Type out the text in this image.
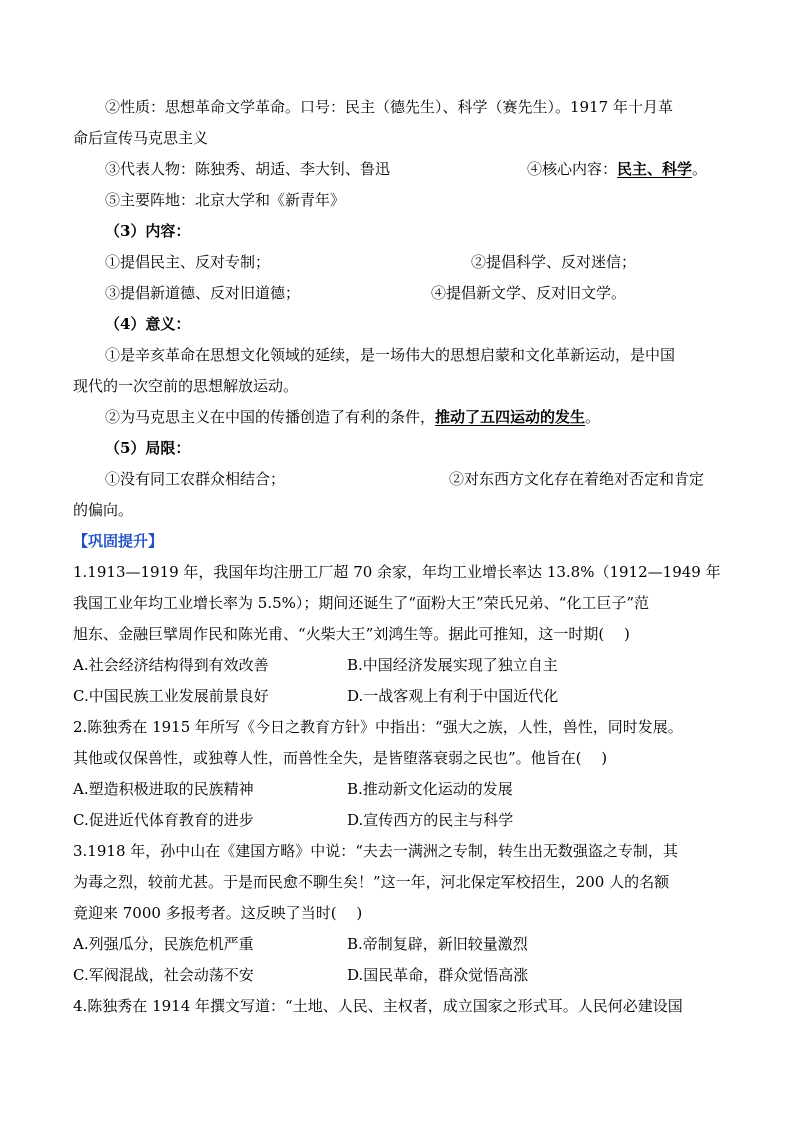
②性质：思想革命文学革命。口号：民主（德先生）、科学（赛先生）。1917 年十月革
命后宣传马克思主义
③代表人物：陈独秀、胡适、李大钊、鲁迅	④核心内容：民主、科学。
⑤主要阵地：北京大学和《新青年》
（3）内容：
①提倡民主、反对专制；	②提倡科学、反对迷信；
③提倡新道德、反对旧道德；	④提倡新文学、反对旧文学。
（4）意义：
①是辛亥革命在思想文化领域的延续，是一场伟大的思想启蒙和文化革新运动，是中国
现代的一次空前的思想解放运动。
②为马克思主义在中国的传播创造了有利的条件，推动了五四运动的发生。
（5）局限：
①没有同工农群众相结合；	②对东西方文化存在着绝对否定和肯定
的偏向。
【巩固提升】
1.1913—1919 年，我国年均注册工厂超 70 余家，年均工业增长率达 13.8%（1912—1949 年
我国工业年均工业增长率为 5.5%）；期间还诞生了“面粉大王”荣氏兄弟、“化工巨子”范
旭东、金融巨擘周作民和陈光甫、“火柴大王”刘鸿生等。据此可推知，这一时期(　 )
A.社会经济结构得到有效改善	B.中国经济发展实现了独立自主
C.中国民族工业发展前景良好	D.一战客观上有利于中国近代化
2.陈独秀在 1915 年所写《今日之教育方针》中指出：“强大之族，人性，兽性，同时发展。
其他或仅保兽性，或独尊人性，而兽性全失，是皆堕落衰弱之民也”。他旨在(　 )
A.塑造积极进取的民族精神	B.推动新文化运动的发展
C.促进近代体育教育的进步	D.宣传西方的民主与科学
3.1918 年，孙中山在《建国方略》中说：“夫去一满洲之专制，转生出无数强盗之专制，其
为毒之烈，较前尤甚。于是而民愈不聊生矣！”这一年，河北保定军校招生，200 人的名额
竟迎来 7000 多报考者。这反映了当时(　 )
A.列强瓜分，民族危机严重	B.帝制复辟，新旧较量激烈
C.军阀混战，社会动荡不安	D.国民革命，群众觉悟高涨
4.陈独秀在 1914 年撰文写道：“土地、人民、主权者，成立国家之形式耳。人民何必建设国
